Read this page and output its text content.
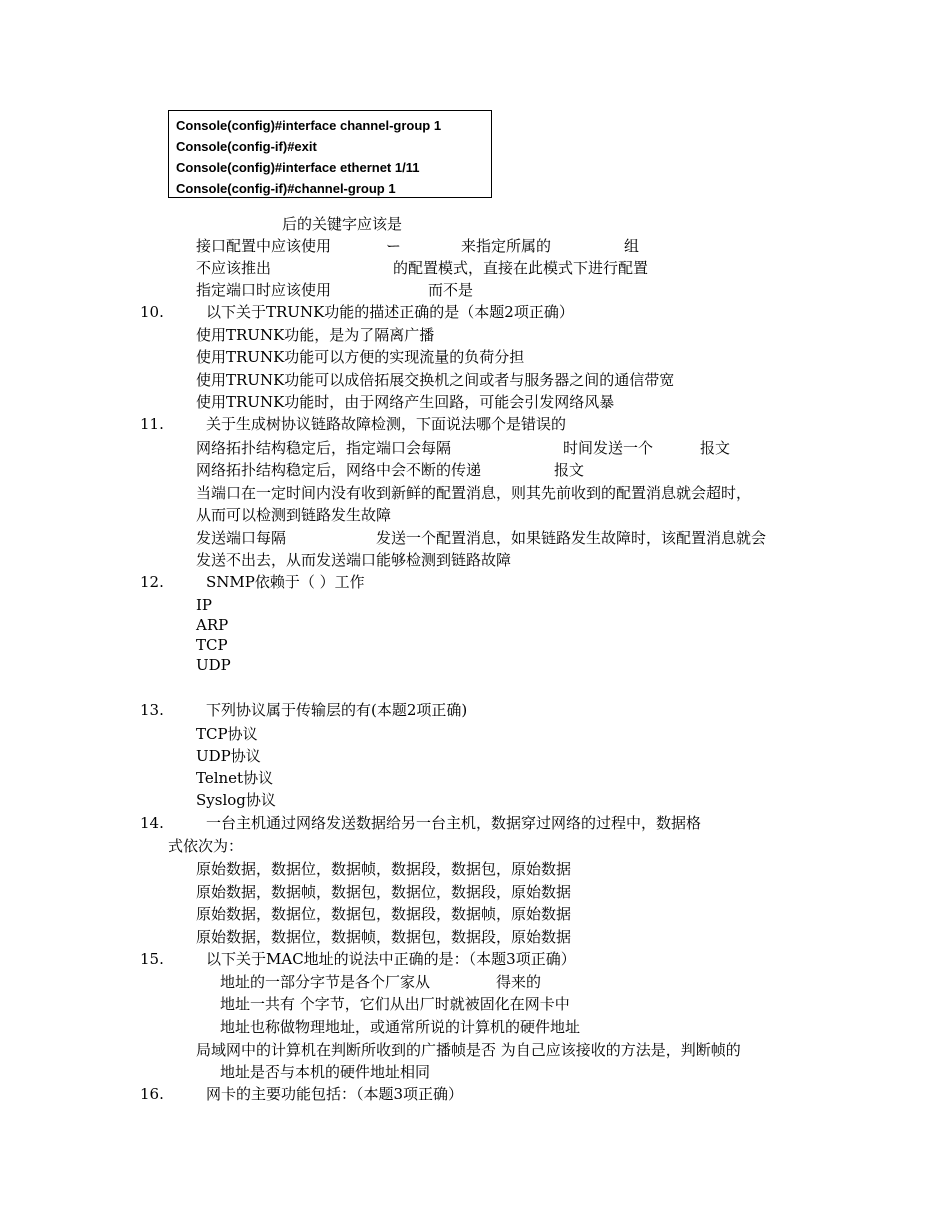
Console(config)#interface channel-group 1
Console(config-if)#exit
Console(config)#interface ethernet 1/11
Console(config-if)#channel-group 1
后的关键字应该是
接口配置中应该使用	ー	来指定所属的	组
不应该推出	的配置模式，直接在此模式下进行配置
指定端口时应该使用	而不是
10.	以下关于TRUNK功能的描述正确的是（本题2项正确）
使用TRUNK功能，是为了隔离广播
使用TRUNK功能可以方便的实现流量的负荷分担
使用TRUNK功能可以成倍拓展交换机之间或者与服务器之间的通信带宽
使用TRUNK功能时，由于网络产生回路，可能会引发网络风暴
11.	关于生成树协议链路故障检测，下面说法哪个是错误的
网络拓扑结构稳定后，指定端口会每隔	时间发送一个	报文
网络拓扑结构稳定后，网络中会不断的传递	报文
当端口在一定时间内没有收到新鲜的配置消息，则其先前收到的配置消息就会超时，
从而可以检测到链路发生故障
发送端口每隔	发送一个配置消息，如果链路发生故障时，该配置消息就会
发送不出去，从而发送端口能够检测到链路故障
12.	SNMP依赖于（ ）工作
IP
ARP
TCP
UDP
13.	下列协议属于传输层的有(本题2项正确)
TCP协议
UDP协议
Telnet协议
Syslog协议
14.	一台主机通过网络发送数据给另一台主机，数据穿过网络的过程中，数据格
式依次为：
原始数据，数据位，数据帧，数据段，数据包，原始数据
原始数据，数据帧，数据包，数据位，数据段，原始数据
原始数据，数据位，数据包，数据段，数据帧，原始数据
原始数据，数据位，数据帧，数据包，数据段，原始数据
15.	以下关于MAC地址的说法中正确的是：（本题3项正确）
地址的一部分字节是各个厂家从	得来的
地址一共有 个字节，它们从出厂时就被固化在网卡中
地址也称做物理地址，或通常所说的计算机的硬件地址
局域网中的计算机在判断所收到的广播帧是否 为自己应该接收的方法是，判断帧的
地址是否与本机的硬件地址相同
16.	网卡的主要功能包括：（本题3项正确）
